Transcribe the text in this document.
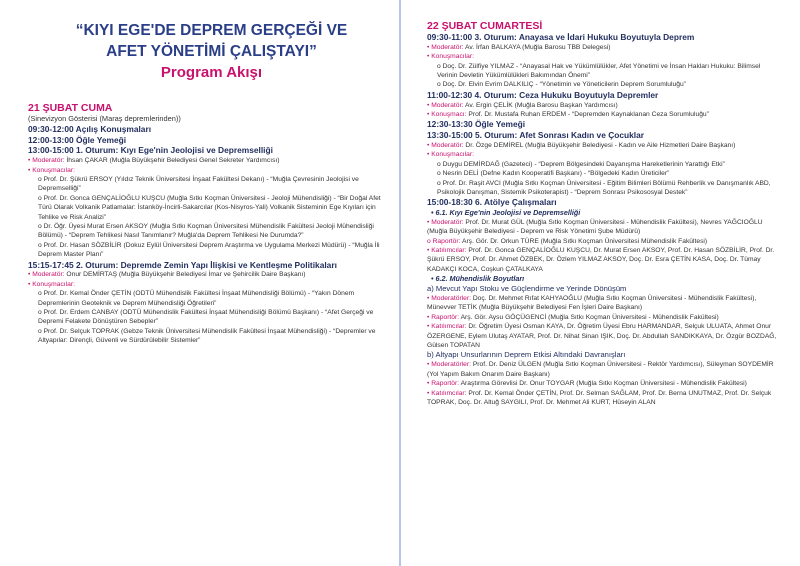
“KIYI EGE'DE DEPREM GERÇEĞİ VE

AFET YÖNETİMİ ÇALIŞTAYI”

Program Akışı

21 ŞUBAT CUMA

(Sinevizyon Gösterisi (Maraş depremlerinden))

09:30-12:00 Açılış Konuşmaları

12:00-13:00 Öğle Yemeği

13:00-15:00 1. Oturum: Kıyı Ege'nin Jeolojisi ve Depremselliği

• Moderatör: İhsan ÇAKAR (Muğla Büyükşehir Belediyesi Genel Sekreter Yardımcısı)

• Konuşmacılar:

o Prof. Dr. Şükrü ERSOY (Yıldız Teknik Üniversitesi İnşaat Fakültesi Dekanı) - “Muğla Çevresinin Jeolojisi ve Depremselliği”

o Prof. Dr. Gonca GENÇALİOĞLU KUŞCU (Muğla Sıtkı Koçman Üniversitesi - Jeoloji Mühendisliği) - “Bir Doğal Afet Türü Olarak Volkanik Patlamalar: İstanköy-İncirli-Sakarcılar (Kos-Nisyros-Yali) Volkanik Sisteminin Ege Kıyıları için Tehlike ve Risk Analizi”

o Dr. Öğr. Üyesi Murat Ersen AKSOY (Muğla Sıtkı Koçman Üniversitesi Mühendislik Fakültesi Jeoloji Mühendisliği Bölümü) - “Deprem Tehlikesi Nasıl Tanımlanır? Muğla'da Deprem Tehlikesi Ne Durumda?”

o Prof. Dr. Hasan SÖZBİLİR (Dokuz Eylül Üniversitesi Deprem Araştırma ve Uygulama Merkezi Müdürü) - “Muğla İli Deprem Master Planı”

15:15-17:45 2. Oturum: Depremde Zemin Yapı İlişkisi ve Kentleşme Politikaları

• Moderatör: Onur DEMİRTAŞ (Muğla Büyükşehir Belediyesi İmar ve Şehircilik Daire Başkanı)

• Konuşmacılar:

o Prof. Dr. Kemal Önder ÇETİN (ODTÜ Mühendislik Fakültesi İnşaat Mühendisliği Bölümü) - “Yakın Dönem Depremlerinin Geoteknik ve Deprem Mühendisliği Öğretileri”

o Prof. Dr. Erdem CANBAY (ODTÜ Mühendislik Fakültesi İnşaat Mühendisliği Bölümü Başkanı) - “Afet Gerçeği ve Depremi Felakete Dönüştüren Sebepler”

o Prof. Dr. Selçuk TOPRAK (Gebze Teknik Üniversitesi Mühendislik Fakültesi İnşaat Mühendisliği) - “Depremler ve Altyapılar: Dirençli, Güvenli ve Sürdürülebilir Sistemler”

22 ŞUBAT CUMARTESİ

09:30-11:00 3. Oturum: Anayasa ve İdari Hukuku Boyutuyla Deprem

• Moderatör: Av. İrfan BALKAYA (Muğla Barosu TBB Delegesi)

• Konuşmacılar:

o Doç. Dr. Zülfiye YILMAZ - “Anayasal Hak ve Yükümlülükler, Afet Yönetimi ve İnsan Hakları Hukuku: Bilimsel Verinin Devletin Yükümlülükleri Bakımından Önemi”

o Doç. Dr. Elvin Evrim DALKILIÇ - “Yönetimin ve Yöneticilerin Deprem Sorumluluğu”

11:00-12:30 4. Oturum: Ceza Hukuku Boyutuyla Depremler

• Moderatör: Av. Ergin ÇELİK (Muğla Barosu Başkan Yardımcısı)

• Konuşmacı: Prof. Dr. Mustafa Ruhan ERDEM - “Depremden Kaynaklanan Ceza Sorumluluğu”

12:30-13:30 Öğle Yemeği

13:30-15:00 5. Oturum: Afet Sonrası Kadın ve Çocuklar

• Moderatör: Dr. Özge DEMİREL (Muğla Büyükşehir Belediyesi - Kadın ve Aile Hizmetleri Daire Başkanı)

• Konuşmacılar:

o Duygu DEMİRDAĞ (Gazeteci) - “Deprem Bölgesindeki Dayanışma Hareketlerinin Yarattığı Etki”

o Nesrin DELİ (Defne Kadın Kooperatifi Başkanı) - “Bölgedeki Kadın Üreticiler”

o Prof. Dr. Raşit AVCI (Muğla Sıtkı Koçman Üniversitesi - Eğitim Bilimleri Bölümü Rehberlik ve Danışmanlık ABD, Psikolojik Danışman, Sistemik Psikoterapist) - “Deprem Sonrası Psikososyal Destek”

15:00-18:30 6. Atölye Çalışmaları

• 6.1. Kıyı Ege'nin Jeolojisi ve Depremselliği

• Moderatör: Prof. Dr. Murat GÜL (Muğla Sıtkı Koçman Üniversitesi - Mühendislik Fakültesi), Nevres YAĞCIOĞLU (Muğla Büyükşehir Belediyesi - Deprem ve Risk Yönetimi Şube Müdürü)

o Raportör: Arş. Gör. Dr. Orkun TÜRE (Muğla Sıtkı Koçman Üniversitesi Mühendislik Fakültesi)

• Katılımcılar: Prof. Dr. Gonca GENÇALİOĞLU KUŞCU, Dr. Murat Ersen AKSOY, Prof. Dr. Hasan SÖZBİLİR, Prof. Dr. Şükrü ERSOY, Prof. Dr. Ahmet ÖZBEK, Dr. Özlem YILMAZ AKSOY, Doç. Dr. Esra ÇETİN KASA, Doç. Dr. Tümay KADAKÇI KOCA, Coşkun ÇATALKAYA

• 6.2. Mühendislik Boyutları

a) Mevcut Yapı Stoku ve Güçlendirme ve Yerinde Dönüşüm

• Moderatörler: Doç. Dr. Mehmet Rıfat KAHYAOĞLU (Muğla Sıtkı Koçman Üniversitesi - Mühendislik Fakültesi), Münevver TETİK (Muğla Büyükşehir Belediyesi Fen İşleri Daire Başkanı)

• Raportör: Arş. Gör. Aysu GÖÇÜGENCİ (Muğla Sıtkı Koçman Üniversitesi - Mühendislik Fakültesi)

• Katılımcılar: Dr. Öğretim Üyesi Osman KAYA, Dr. Öğretim Üyesi Ebru HARMANDAR, Selçuk ULUATA, Ahmet Onur ÖZERGENE, Eylem Ulutaş AYATAR, Prof. Dr. Nihat Sinan IŞIK, Doç. Dr. Abdullah SANDIKKAYA, Dr. Özgür BOZDAĞ, Gülsen TOPATAN

b) Altyapı Unsurlarının Deprem Etkisi Altındaki Davranışları

• Moderatörler: Prof. Dr. Deniz ÜLGEN (Muğla Sıtkı Koçman Üniversitesi - Rektör Yardımcısı), Süleyman SOYDEMİR (Yol Yapım Bakım Onarım Daire Başkanı)

• Raportör: Araştırma Görevlisi Dr. Onur TOYGAR (Muğla Sıtkı Koçman Üniversitesi - Mühendislik Fakültesi)

• Katılımcılar: Prof. Dr. Kemal Önder ÇETİN, Prof. Dr. Selman SAĞLAM, Prof. Dr. Berna UNUTMAZ, Prof. Dr. Selçuk TOPRAK, Doç. Dr. Altuğ SAYGILI, Prof. Dr. Mehmet Ali KURT, Hüseyin ALAN
